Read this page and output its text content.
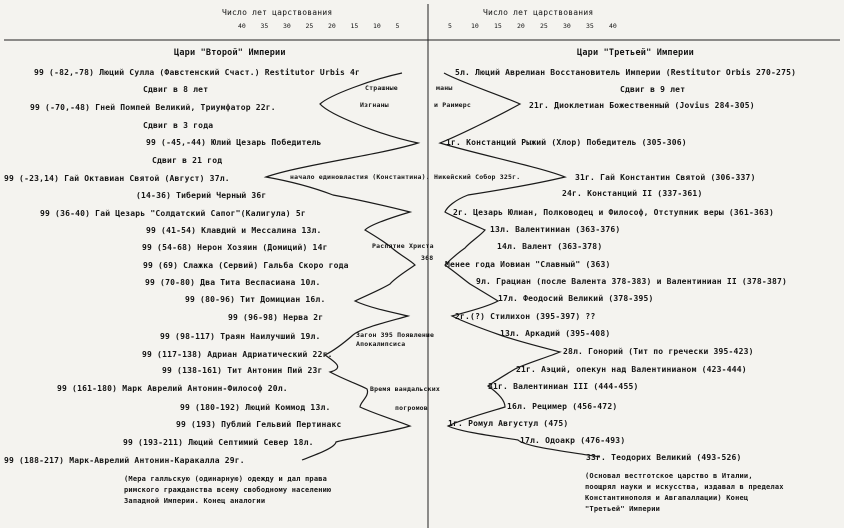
Число лет царствования	Число лет царствования
40 35 30 25 20 15 10 5	5	10 15 20 25 30 35 40
Цари "Второй" Империи	Цари "Третьей" Империи
99 (-82,-78) Люций Сулла (Фавстенский Счаст.) Restitutor Urbis 4г
Сдвиг в 8 лет
99 (-70,-48) Гней Помпей Великий, Триумфатор 22г.
Сдвиг в 3 года
99 (-45,-44) Юлий Цезарь Победитель
Сдвиг в 21 год
99 (-23,14) Гай Октавиан Святой (Август) 37л.
(14-36) Тиберий Черный 36г
99 (36-40) Гай Цезарь "Солдатский Сапог"(Калигула) 5г
99 (41-54) Клавдий и Мессалина 13л.
99 (54-68) Нерон Хозяин (Домиций) 14г
99 (69) Слажка (Сервий) Гальба Скоро года
99 (70-80) Два Тита Веспасиана 10л.
99 (80-96) Тит Домициан 16л.
99 (96-98) Нерва 2г
99 (98-117) Траян Наилучший 19л.
99 (117-138) Адриан Адриатический 22г.
99 (138-161) Тит Антонин Пий 23г
99 (161-180) Марк Аврелий Антонин-Философ 20л.
99 (180-192) Люций Коммод 13л.
99 (193) Публий Гельвий Пертинакс
99 (193-211) Люций Септимий Север 18л.
99 (188-217) Марк-Аврелий Антонин-Каракалла 29г.
5л. Люций Аврелиан Восстановитель Империи (Restitutor Orbis 270-275)
Сдвиг в 9 лет
21г. Диоклетиан Божественный (Jovius 284-305)
1г. Констанций Рыжий (Хлор) Победитель (305-306)
31г. Гай Константин Святой (306-337)
24г. Констанций II (337-361)
2г. Цезарь Юлиан, Полководец и Философ, Отступник веры (361-363)
13л. Валентиниан (363-376)
14л. Валент (363-378)
Менее года Иовиан "Славный" (363)
9л. Грациан (после Валента 378-383) и Валентиниан II (378-387)
17л. Феодосий Великий (378-395)
2г.(?) Стилихон (395-397) ??
13л. Аркадий (395-408)
28л. Гонорий (Тит по гречески 395-423)
21г. Аэций, опекун над Валентинианом (423-444)
31г. Валентиниан III (444-455)
16л. Рецимер (456-472)
1г. Ромул Августул (475)
17л. Одоакр (476-493)
33г. Теодорих Великий (493-526)
Страшные	маны
Изгнаны	и Раимерс
начало единовластия (Константина). Никейский Собор 325г.
Распятие Христа
368
Загон 395 Появление Апокалипсиса
Время вандальских
погромов
(Мера галльскую (одинарную) одежду и дал права римского гражданства всему свободному населению Западной Империи. Конец аналогии
(Основал вестготское царство в Италии, поощрял науки и искусства, издавал в пределах Константинополя и Авгапаллации) Конец "Третьей" Империи
